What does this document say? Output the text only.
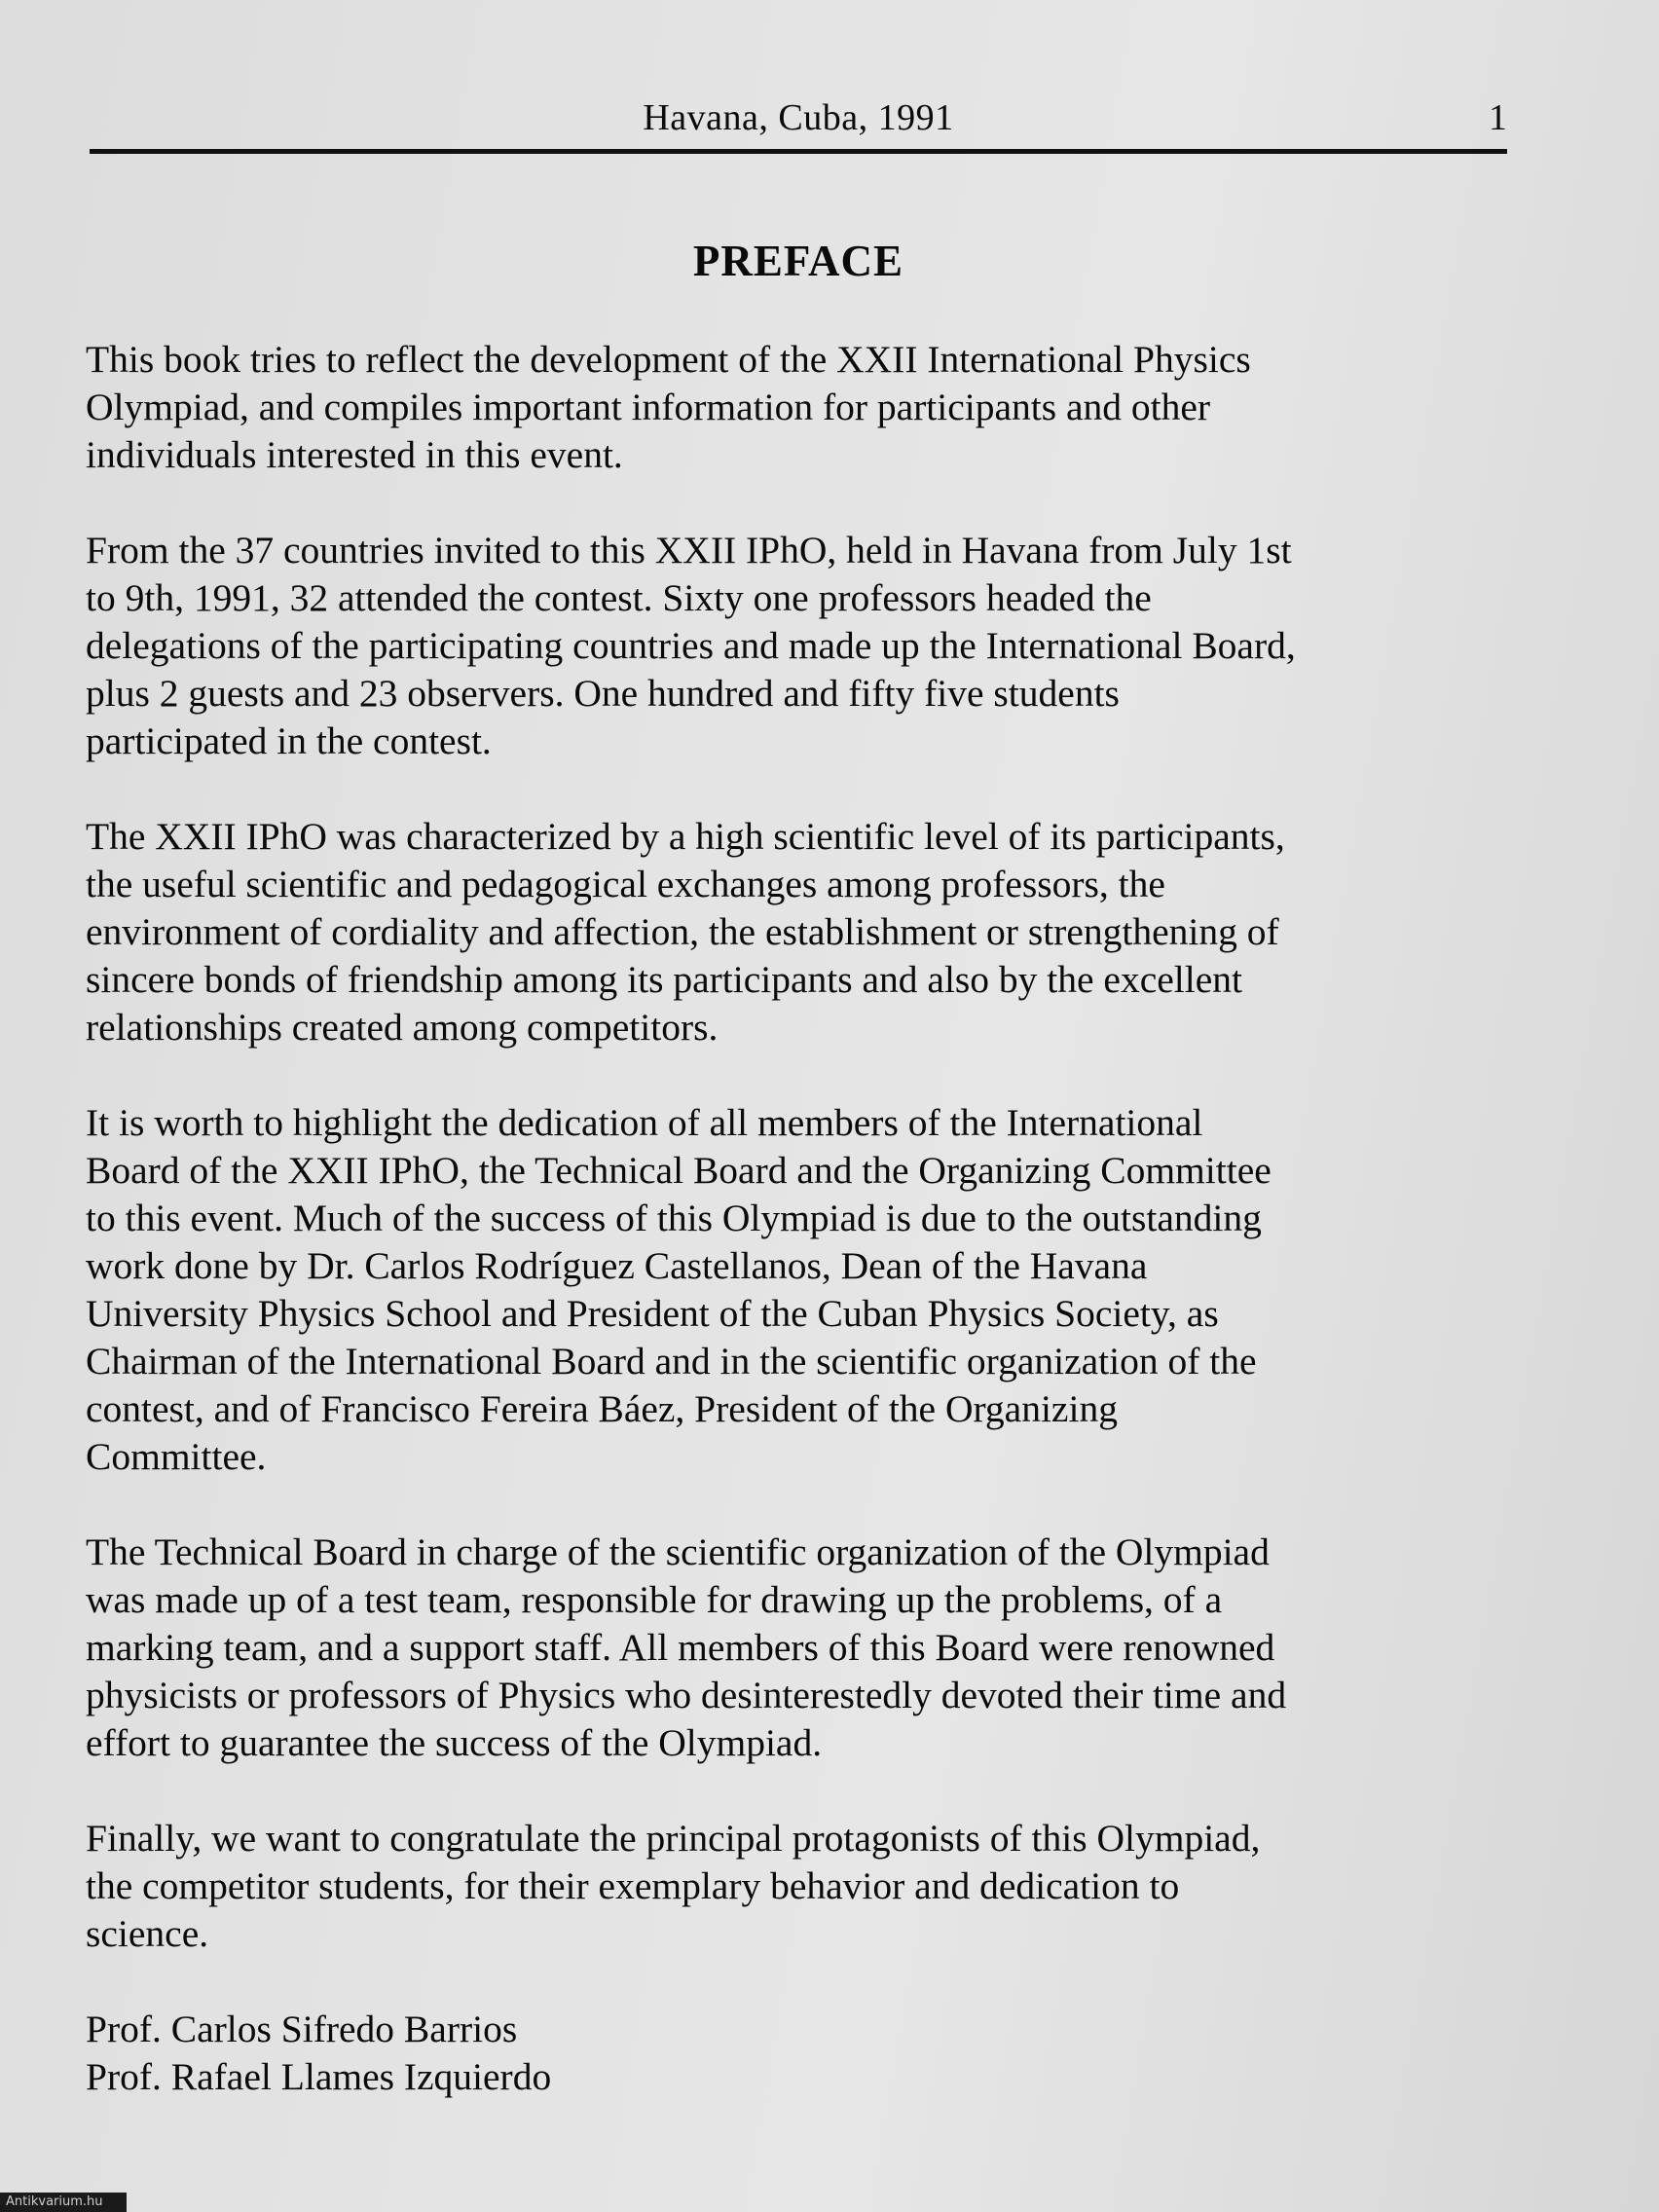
Havana, Cuba, 1991	1
PREFACE

This book tries to reflect the development of the XXII International Physics
Olympiad, and compiles important information for participants and other
individuals interested in this event.

From the 37 countries invited to this XXII IPhO, held in Havana from July 1st
to 9th, 1991, 32 attended the contest. Sixty one professors headed the
delegations of the participating countries and made up the International Board,
plus 2 guests and 23 observers. One hundred and fifty five students
participated in the contest.

The XXII IPhO was characterized by a high scientific level of its participants,
the useful scientific and pedagogical exchanges among professors, the
environment of cordiality and affection, the establishment or strengthening of
sincere bonds of friendship among its participants and also by the excellent
relationships created among competitors.

It is worth to highlight the dedication of all members of the International
Board of the XXII IPhO, the Technical Board and the Organizing Committee
to this event. Much of the success of this Olympiad is due to the outstanding
work done by Dr. Carlos Rodríguez Castellanos, Dean of the Havana
University Physics School and President of the Cuban Physics Society, as
Chairman of the International Board and in the scientific organization of the
contest, and of Francisco Fereira Báez, President of the Organizing
Committee.

The Technical Board in charge of the scientific organization of the Olympiad
was made up of a test team, responsible for drawing up the problems, of a
marking team, and a support staff. All members of this Board were renowned
physicists or professors of Physics who desinterestedly devoted their time and
effort to guarantee the success of the Olympiad.

Finally, we want to congratulate the principal protagonists of this Olympiad,
the competitor students, for their exemplary behavior and dedication to
science.

Prof. Carlos Sifredo Barrios
Prof. Rafael Llames Izquierdo

Antikvarium.hu
